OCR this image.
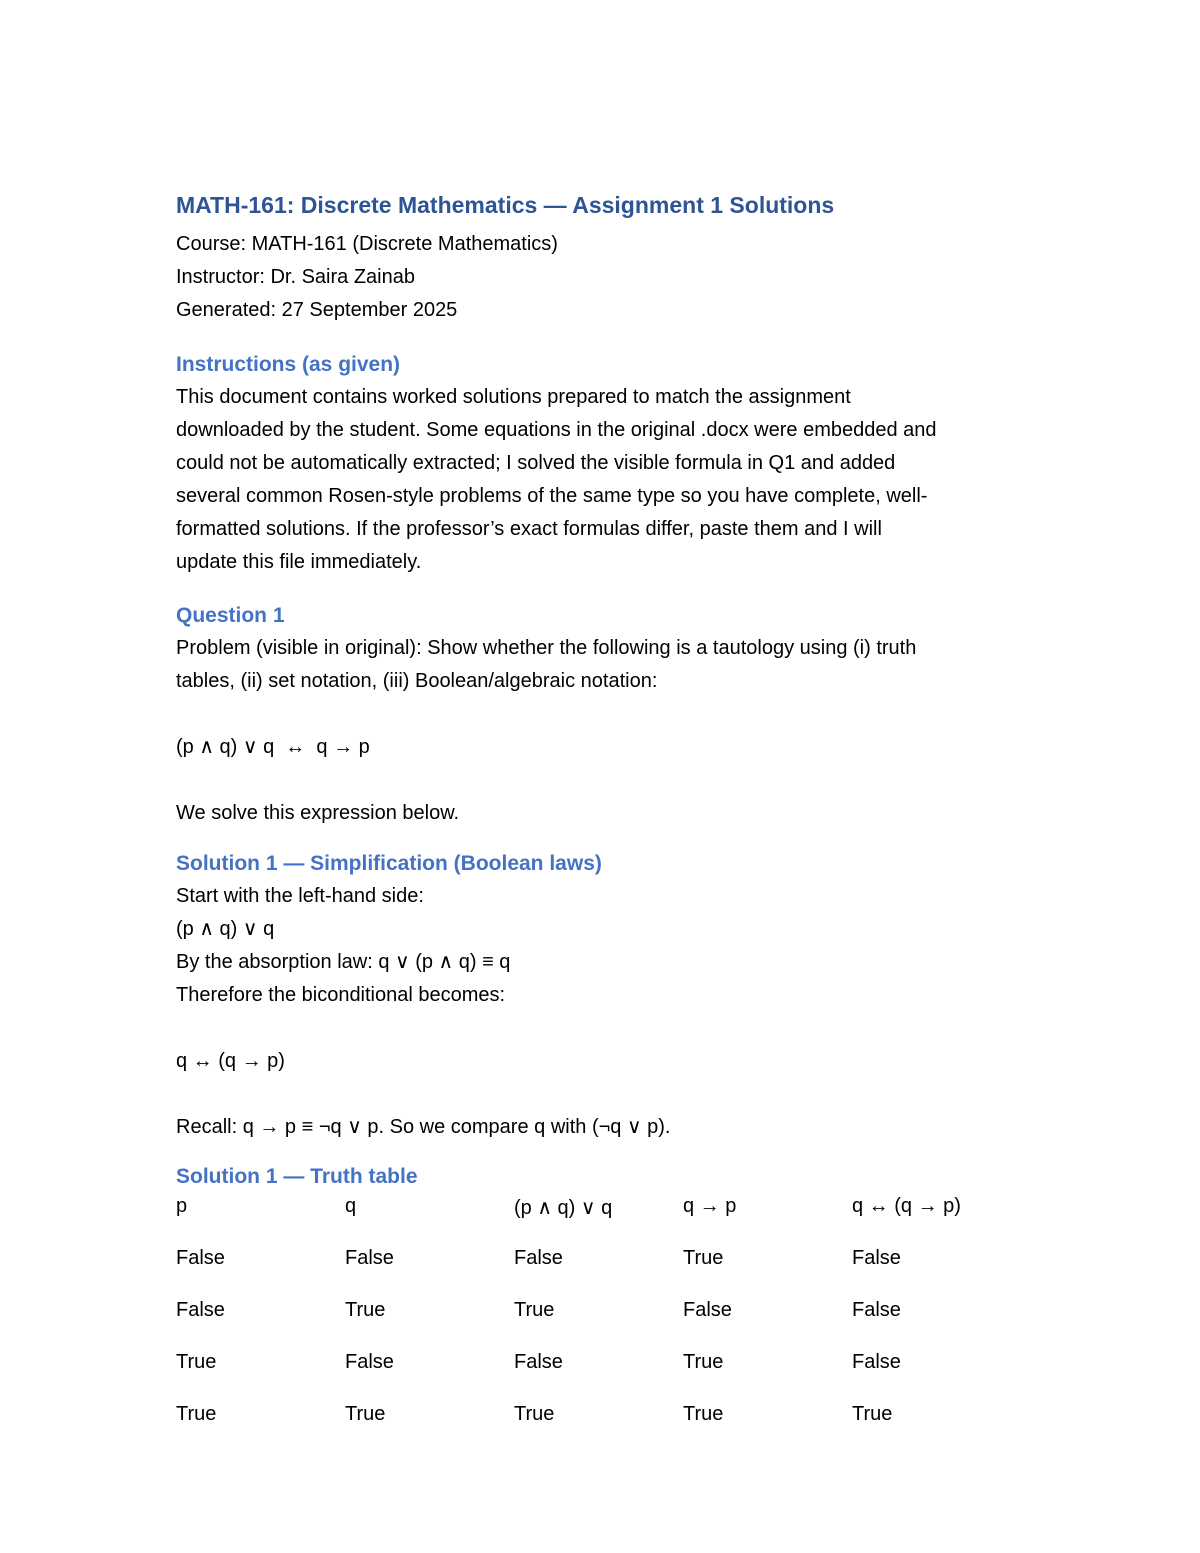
MATH-161: Discrete Mathematics — Assignment 1 Solutions

Course: MATH-161 (Discrete Mathematics)

Instructor: Dr. Saira Zainab

Generated: 27 September 2025

Instructions (as given)

This document contains worked solutions prepared to match the assignment

downloaded by the student. Some equations in the original .docx were embedded and

could not be automatically extracted; I solved the visible formula in Q1 and added

several common Rosen-style problems of the same type so you have complete, well-

formatted solutions. If the professor’s exact formulas differ, paste them and I will

update this file immediately.

Question 1

Problem (visible in original): Show whether the following is a tautology using (i) truth

tables, (ii) set notation, (iii) Boolean/algebraic notation:

(p ∧ q) ∨ q  ↔  q → p

We solve this expression below.

Solution 1 — Simplification (Boolean laws)

Start with the left-hand side:

(p ∧ q) ∨ q

By the absorption law: q ∨ (p ∧ q) ≡ q

Therefore the biconditional becomes:

q ↔ (q → p)

Recall: q → p ≡ ¬q ∨ p. So we compare q with (¬q ∨ p).

Solution 1 — Truth table
p	q	(p ∧ q) ∨ q	q → p	q ↔ (q → p)
False	False	False	True	False
False	True	True	False	False
True	False	False	True	False
True	True	True	True	True
